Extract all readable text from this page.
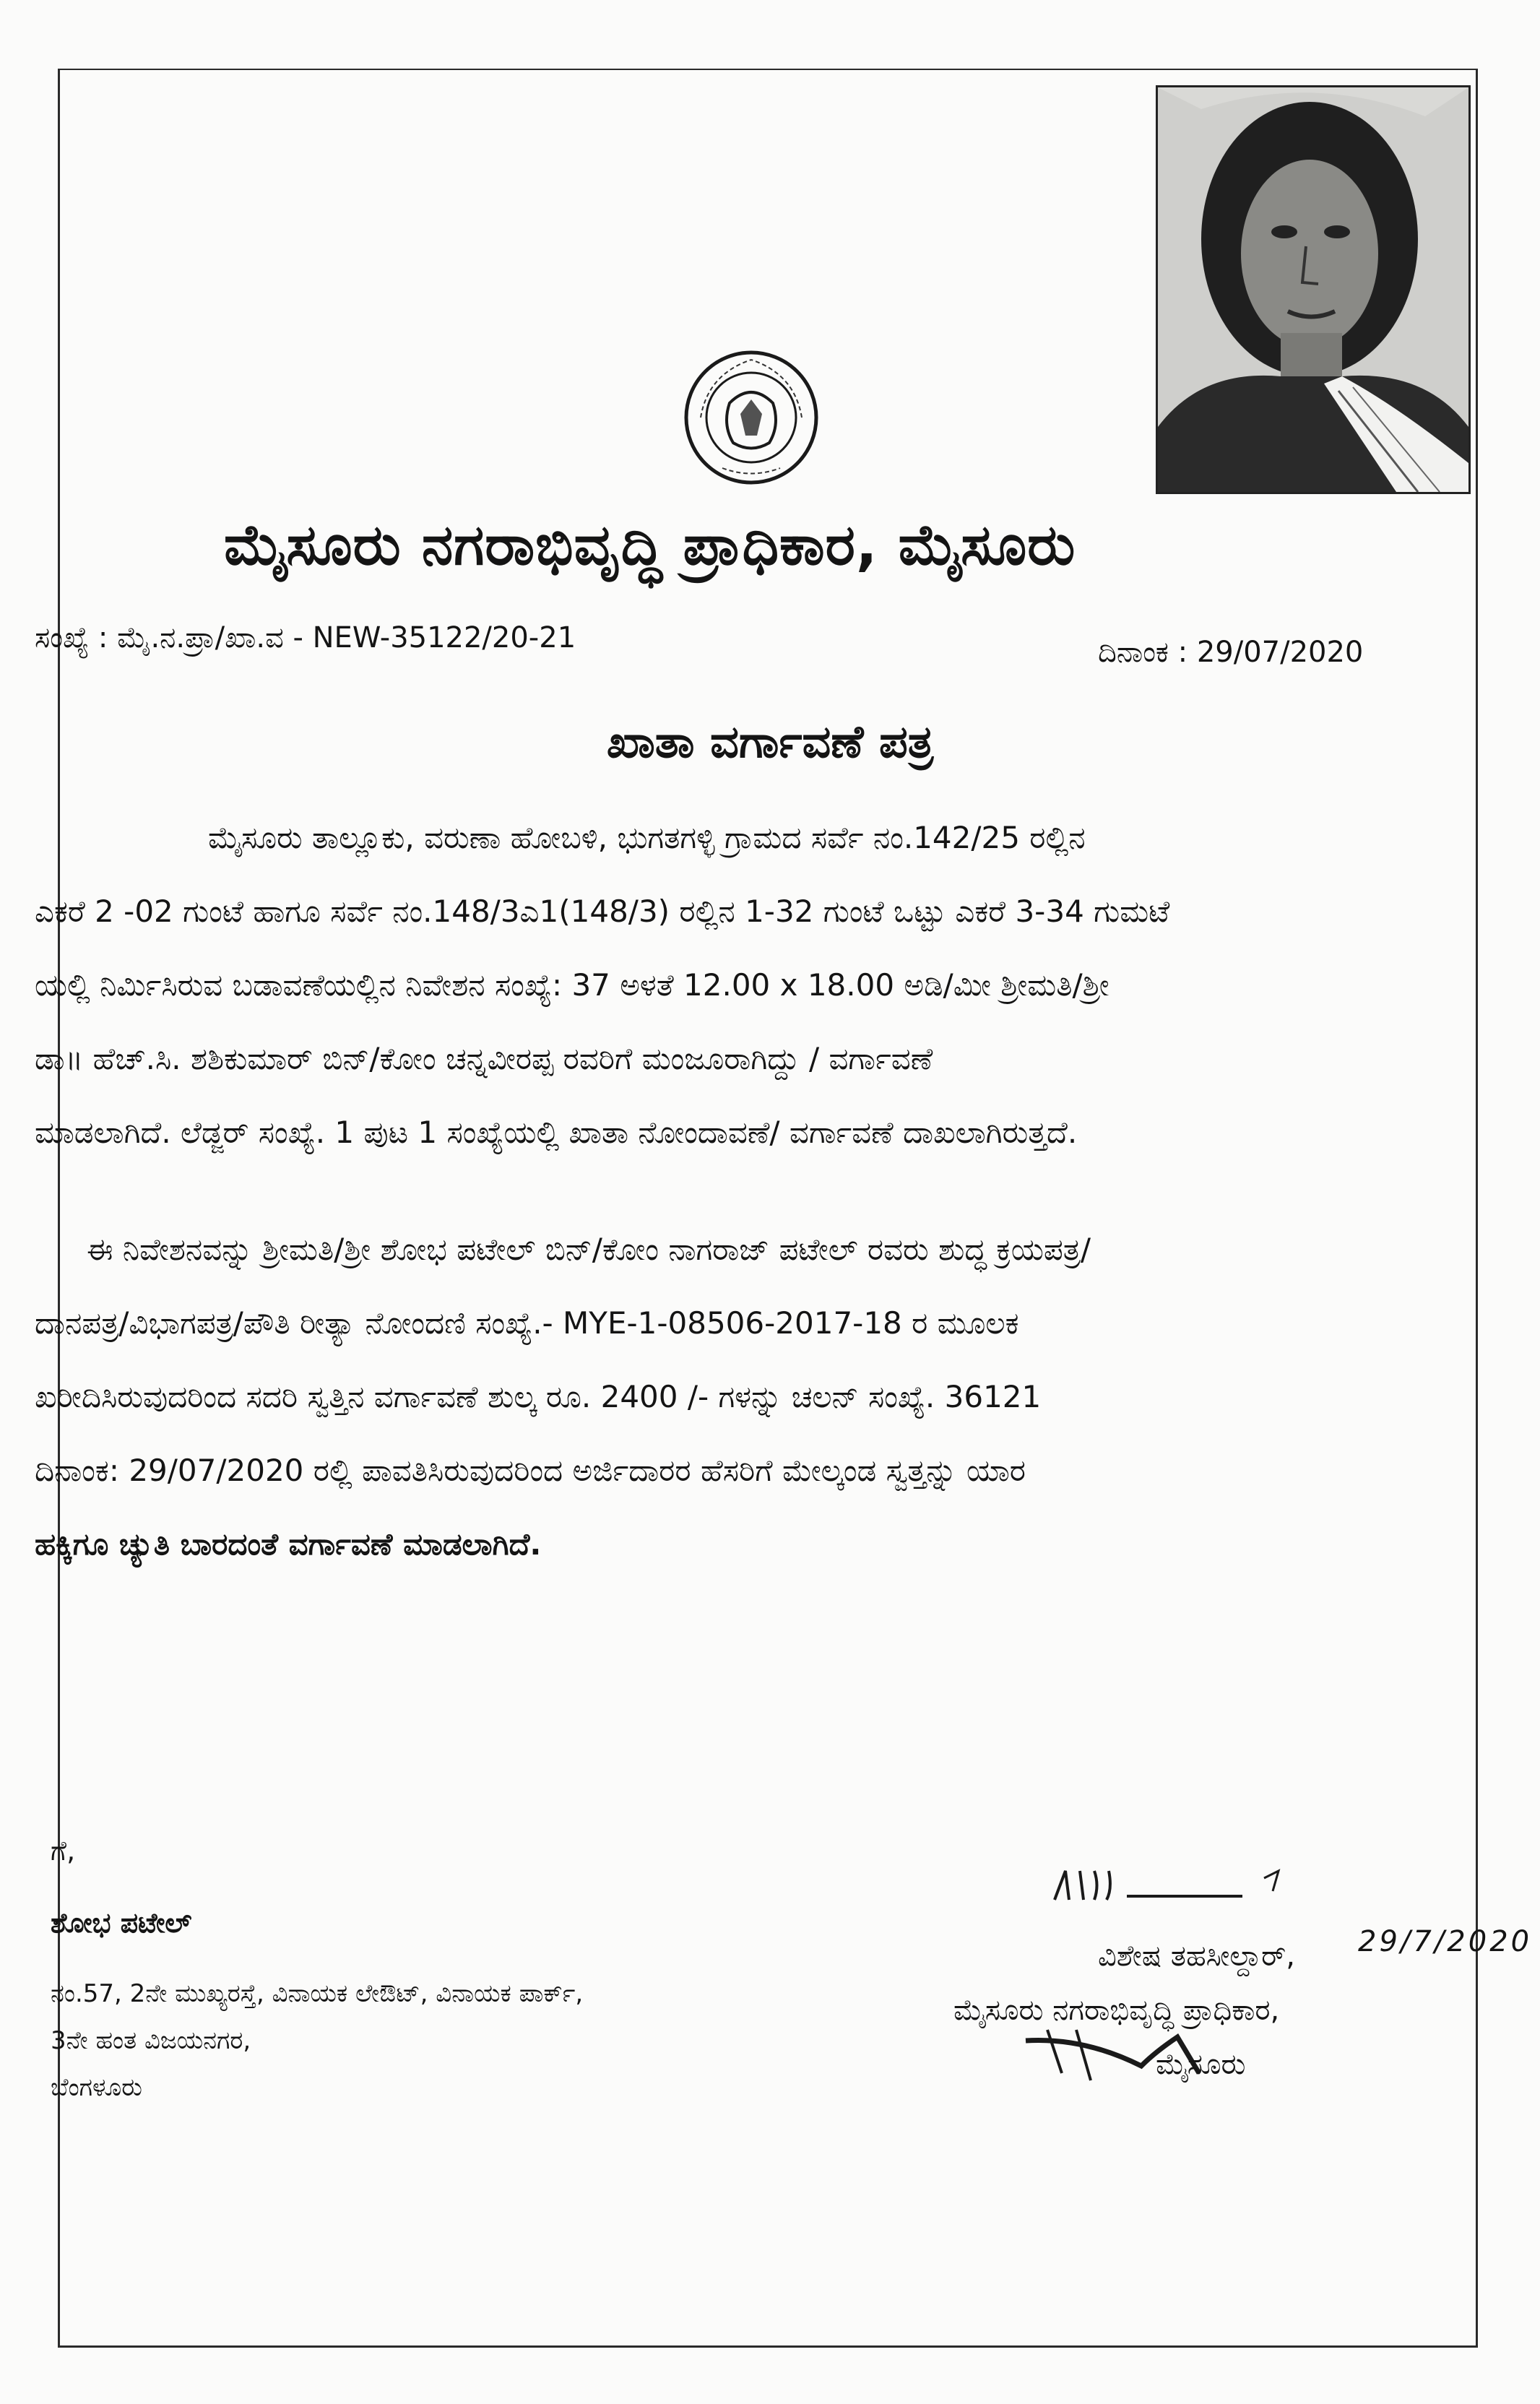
ಮೈಸೂರು ನಗರಾಭಿವೃದ್ಧಿ ಪ್ರಾಧಿಕಾರ, ಮೈಸೂರು
ಸಂಖ್ಯೆ : ಮೈ.ನ.ಪ್ರಾ/ಖಾ.ವ - NEW-35122/20-21	ದಿನಾಂಕ : 29/07/2020
ಖಾತಾ ವರ್ಗಾವಣೆ ಪತ್ರ
ಮೈಸೂರು ತಾಲ್ಲೂಕು, ವರುಣಾ ಹೋಬಳಿ, ಭುಗತಗಳ್ಳಿ ಗ್ರಾಮದ ಸರ್ವೆ ನಂ.142/25 ರಲ್ಲಿನ
ಎಕರೆ 2 -02 ಗುಂಟೆ ಹಾಗೂ ಸರ್ವೆ ನಂ.148/3ಎ1(148/3) ರಲ್ಲಿನ 1-32 ಗುಂಟೆ ಒಟ್ಟು ಎಕರೆ 3-34 ಗುಮಟೆ
ಯಲ್ಲಿ ನಿರ್ಮಿಸಿರುವ ಬಡಾವಣೆಯಲ್ಲಿನ ನಿವೇಶನ ಸಂಖ್ಯೆ: 37 ಅಳತೆ 12.00 x 18.00 ಅಡಿ/ಮೀ ಶ್ರೀಮತಿ/ಶ್ರೀ
ಡಾ॥ ಹೆಚ್.ಸಿ. ಶಶಿಕುಮಾರ್ ಬಿನ್/ಕೋಂ ಚನ್ನವೀರಪ್ಪ ರವರಿಗೆ ಮಂಜೂರಾಗಿದ್ದು / ವರ್ಗಾವಣೆ
ಮಾಡಲಾಗಿದೆ. ಲೆಡ್ಜರ್ ಸಂಖ್ಯೆ. 1 ಪುಟ 1 ಸಂಖ್ಯೆಯಲ್ಲಿ ಖಾತಾ ನೋಂದಾವಣೆ/ ವರ್ಗಾವಣೆ ದಾಖಲಾಗಿರುತ್ತದೆ.
ಈ ನಿವೇಶನವನ್ನು ಶ್ರೀಮತಿ/ಶ್ರೀ ಶೋಭ ಪಟೇಲ್ ಬಿನ್/ಕೋಂ ನಾಗರಾಜ್ ಪಟೇಲ್ ರವರು ಶುದ್ಧ ಕ್ರಯಪತ್ರ/
ದಾನಪತ್ರ/ವಿಭಾಗಪತ್ರ/ಪೌತಿ ರೀತ್ಯಾ ನೋಂದಣಿ ಸಂಖ್ಯೆ.- MYE-1-08506-2017-18 ರ ಮೂಲಕ
ಖರೀದಿಸಿರುವುದರಿಂದ ಸದರಿ ಸ್ವತ್ತಿನ ವರ್ಗಾವಣೆ ಶುಲ್ಕ ರೂ. 2400 /- ಗಳನ್ನು ಚಲನ್ ಸಂಖ್ಯೆ. 36121
ದಿನಾಂಕ: 29/07/2020 ರಲ್ಲಿ ಪಾವತಿಸಿರುವುದರಿಂದ ಅರ್ಜಿದಾರರ ಹೆಸರಿಗೆ ಮೇಲ್ಕಂಡ ಸ್ವತ್ತನ್ನು ಯಾರ
ಹಕ್ಕಿಗೂ ಚ್ಯುತಿ ಬಾರದಂತೆ ವರ್ಗಾವಣೆ ಮಾಡಲಾಗಿದೆ.
ಗೆ,
ಶೋಭ ಪಟೇಲ್
ನಂ.57, 2ನೇ ಮುಖ್ಯರಸ್ತೆ, ವಿನಾಯಕ ಲೇಔಟ್, ವಿನಾಯಕ ಪಾರ್ಕ್,
3ನೇ ಹಂತ ವಿಜಯನಗರ,
ಬೆಂಗಳೂರು
29/7/2020
ವಿಶೇಷ ತಹಸೀಲ್ದಾರ್,
ಮೈಸೂರು ನಗರಾಭಿವೃದ್ಧಿ ಪ್ರಾಧಿಕಾರ,
ಮೈಸೂರು
